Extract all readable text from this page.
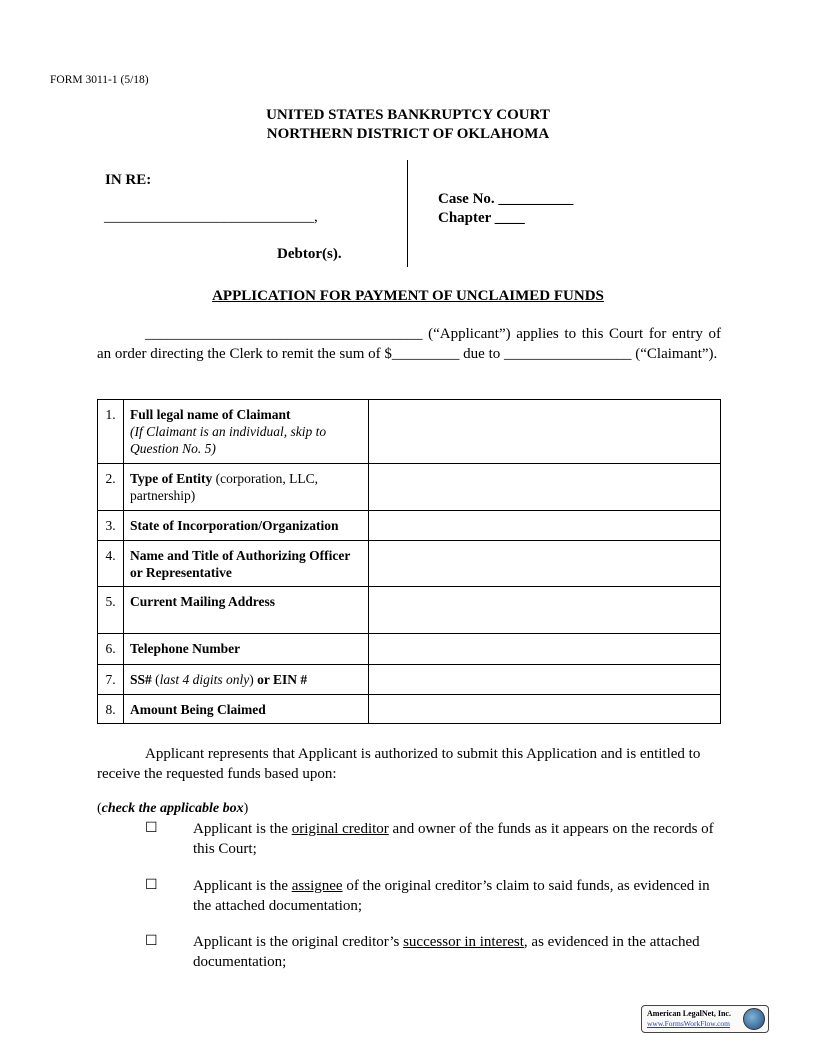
FORM 3011-1 (5/18)
UNITED STATES BANKRUPTCY COURT
NORTHERN DISTRICT OF OKLAHOMA
IN RE:
____________________________,
Debtor(s).
Case No. __________
Chapter ____
APPLICATION FOR PAYMENT OF UNCLAIMED FUNDS
_____________________________________ (“Applicant”) applies to this Court for entry of an order directing the Clerk to remit the sum of $_________ due to _________________ (“Claimant”).
1.	Full legal name of Claimant
(If Claimant is an individual, skip to Question No. 5)	
2.	Type of Entity (corporation, LLC, partnership)	
3.	State of Incorporation/Organization	
4.	Name and Title of Authorizing Officer or Representative	
5.	Current Mailing Address	
6.	Telephone Number	
7.	SS# (last 4 digits only) or EIN #	
8.	Amount Being Claimed	
Applicant represents that Applicant is authorized to submit this Application and is entitled to receive the requested funds based upon:
(check the applicable box)
☐ Applicant is the original creditor and owner of the funds as it appears on the records of this Court;
☐ Applicant is the assignee of the original creditor’s claim to said funds, as evidenced in the attached documentation;
☐ Applicant is the original creditor’s successor in interest, as evidenced in the attached documentation;
American LegalNet, Inc.
www.FormsWorkFlow.com
